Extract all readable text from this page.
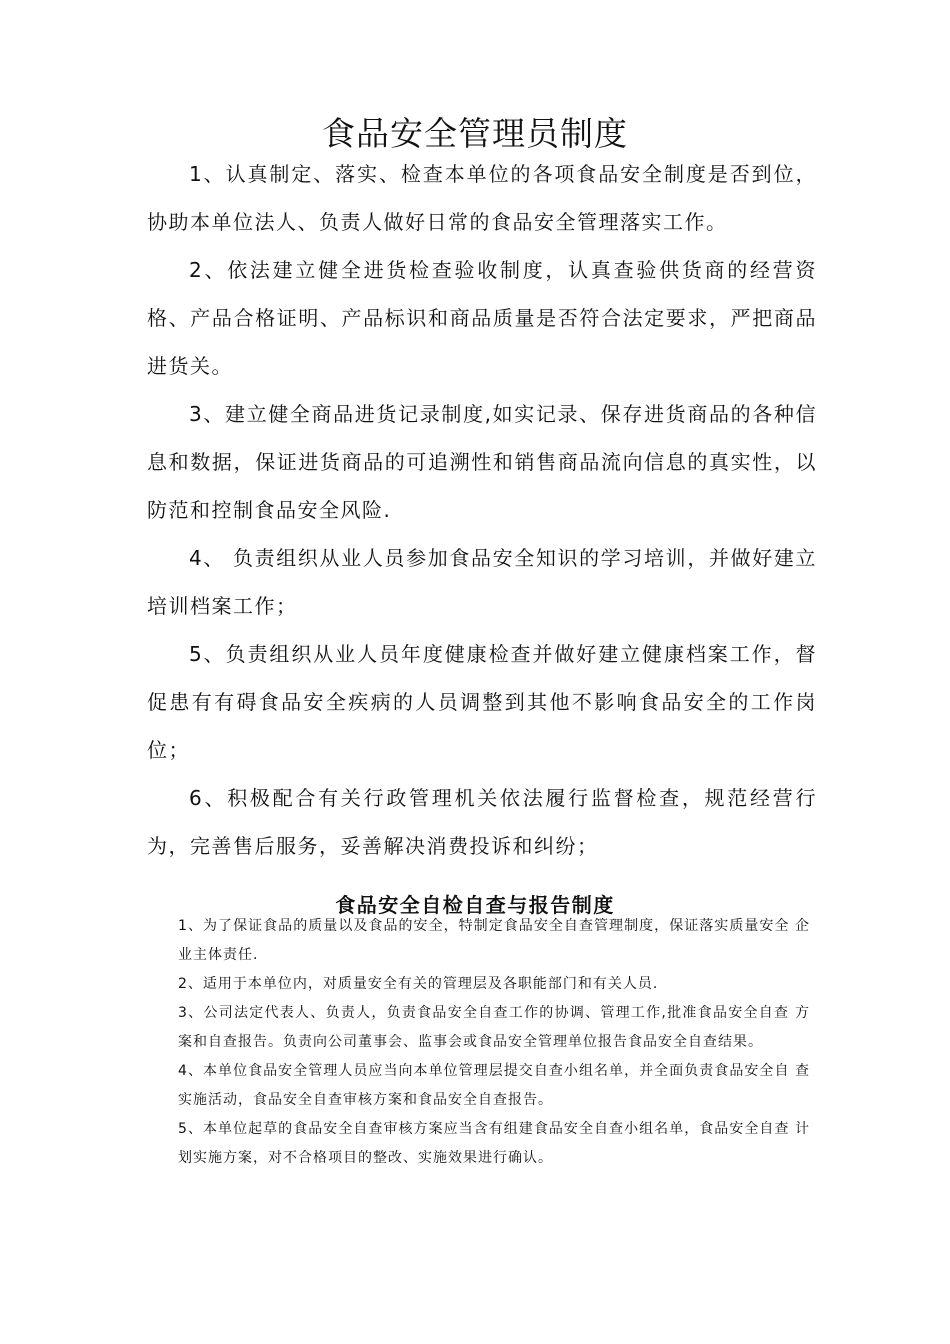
食品安全管理员制度

1、认真制定、落实、检查本单位的各项食品安全制度是否到位，协助本单位法人、负责人做好日常的食品安全管理落实工作。

2、依法建立健全进货检查验收制度，认真查验供货商的经营资格、产品合格证明、产品标识和商品质量是否符合法定要求，严把商品进货关。

3、建立健全商品进货记录制度,如实记录、保存进货商品的各种信息和数据，保证进货商品的可追溯性和销售商品流向信息的真实性，以防范和控制食品安全风险.

4、 负责组织从业人员参加食品安全知识的学习培训，并做好建立培训档案工作；

5、负责组织从业人员年度健康检查并做好建立健康档案工作，督促患有有碍食品安全疾病的人员调整到其他不影响食品安全的工作岗位；

6、积极配合有关行政管理机关依法履行监督检查，规范经营行为，完善售后服务，妥善解决消费投诉和纠纷；

食品安全自检自查与报告制度

1、为了保证食品的质量以及食品的安全，特制定食品安全自查管理制度，保证落实质量安全 企业主体责任.

2、适用于本单位内，对质量安全有关的管理层及各职能部门和有关人员.

3、公司法定代表人、负责人，负责食品安全自查工作的协调、管理工作,批准食品安全自查 方案和自查报告。负责向公司董事会、监事会或食品安全管理单位报告食品安全自查结果。

4、本单位食品安全管理人员应当向本单位管理层提交自查小组名单，并全面负责食品安全自 查实施活动，食品安全自查审核方案和食品安全自查报告。

5、本单位起草的食品安全自查审核方案应当含有组建食品安全自查小组名单，食品安全自查 计划实施方案，对不合格项目的整改、实施效果进行确认。
